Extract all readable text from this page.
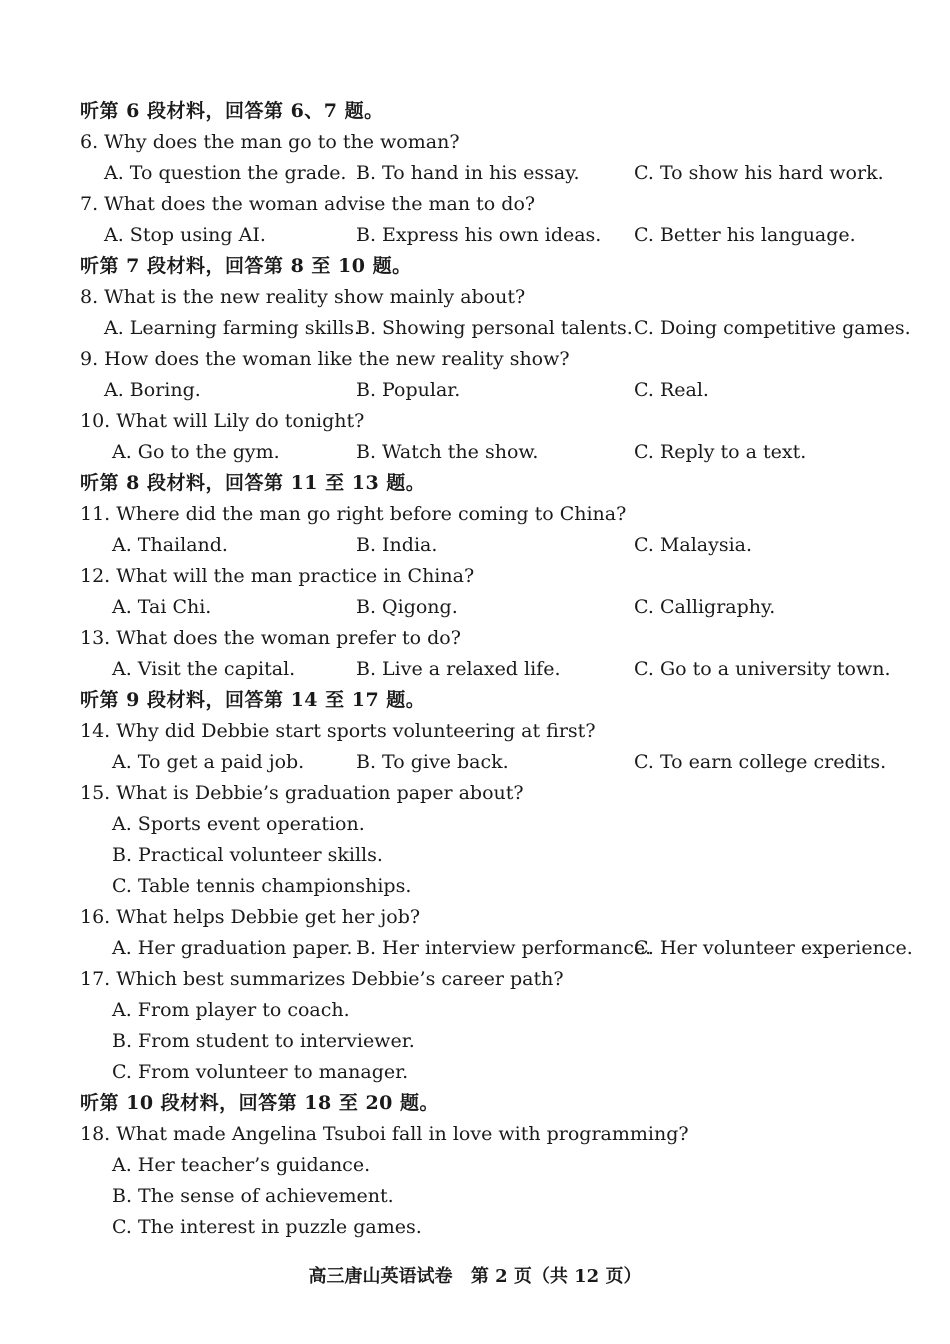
听第 6 段材料，回答第 6、7 题。
6. Why does the man go to the woman?
A. To question the grade. B. To hand in his essay.	C. To show his hard work.
7. What does the woman advise the man to do?
A. Stop using AI.	B. Express his own ideas. C. Better his language.
听第 7 段材料，回答第 8 至 10 题。
8. What is the new reality show mainly about?
A. Learning farming skills.
B. Showing personal talents. C. Doing competitive games.
9. How does the woman like the new reality show?
A. Boring.	B. Popular.	C. Real.
10. What will Lily do tonight?
A. Go to the gym.	B. Watch the show.	C. Reply to a text.
听第 8 段材料，回答第 11 至 13 题。
11. Where did the man go right before coming to China?
A. Thailand.	B. India.	C. Malaysia.
12. What will the man practice in China?
A. Tai Chi.	B. Qigong.	C. Calligraphy.
13. What does the woman prefer to do?
A. Visit the capital.	B. Live a relaxed life.	C. Go to a university town.
听第 9 段材料，回答第 14 至 17 题。
14. Why did Debbie start sports volunteering at first?
A. To get a paid job.	B. To give back.	C. To earn college credits.
15. What is Debbie’s graduation paper about?
A. Sports event operation.
B. Practical volunteer skills.
C. Table tennis championships.
16. What helps Debbie get her job?
A. Her graduation paper. B. Her interview performance.
C. Her volunteer experience.
17. Which best summarizes Debbie’s career path?
A. From player to coach.
B. From student to interviewer.
C. From volunteer to manager.
听第 10 段材料，回答第 18 至 20 题。
18. What made Angelina Tsuboi fall in love with programming?
A. Her teacher’s guidance.
B. The sense of achievement.
C. The interest in puzzle games.
高三唐山英语试卷 第 2 页（共 12 页）
